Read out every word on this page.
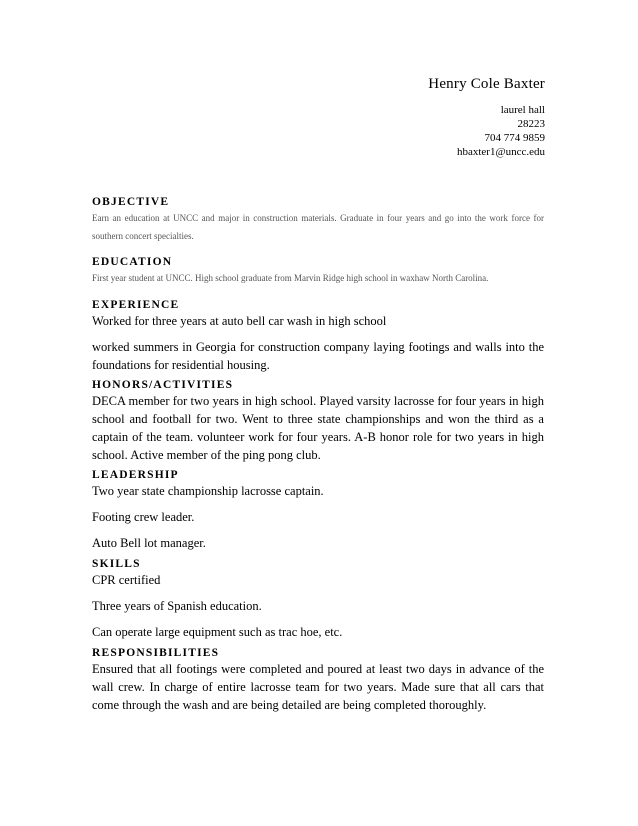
Henry Cole Baxter
laurel hall
28223
704 774 9859
hbaxter1@uncc.edu
OBJECTIVE
Earn an education at UNCC and major in construction materials. Graduate in four years and go into the work force for southern concert specialties.
EDUCATION
First year student at UNCC. High school graduate from Marvin Ridge high school in waxhaw North Carolina.
EXPERIENCE
Worked for three years at auto bell car wash in high school
worked summers in Georgia for construction company laying footings and walls into the foundations for residential housing.
HONORS/ACTIVITIES
DECA member for two years in high school. Played varsity lacrosse for four years in high school and football for two. Went to three state championships and won the third as a captain of the team. volunteer work for four years. A-B honor role for two years in high school. Active member of the ping pong club.
LEADERSHIP
Two year state championship lacrosse captain.
Footing crew leader.
Auto Bell lot manager.
SKILLS
CPR certified
Three years of Spanish education.
Can operate large equipment such as trac hoe, etc.
RESPONSIBILITIES
Ensured that all footings were completed and poured at least two days in advance of the wall crew. In charge of entire lacrosse team for two years. Made sure that all cars that come through the wash and are being detailed are being completed thoroughly.
